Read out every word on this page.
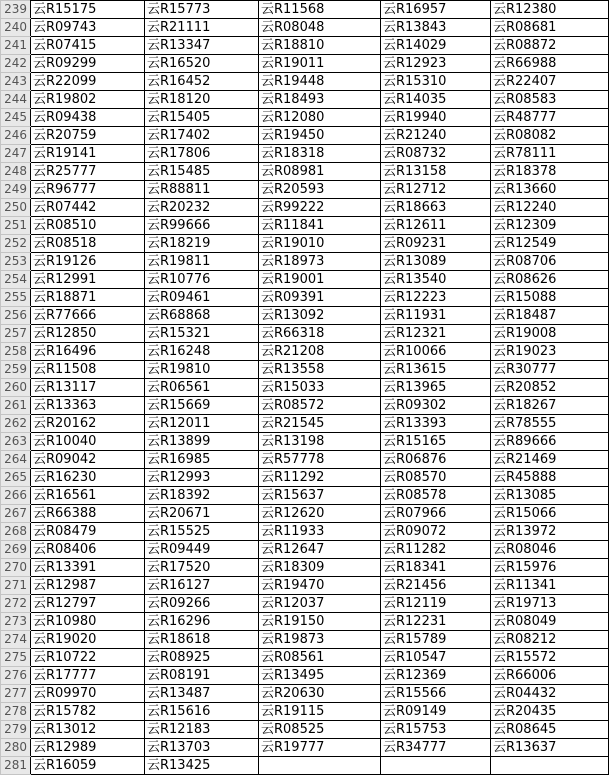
239	云R15175	云R15773	云R11568	云R16957	云R12380
240	云R09743	云R21111	云R08048	云R13843	云R08681
241	云R07415	云R13347	云R18810	云R14029	云R08872
242	云R09299	云R16520	云R19011	云R12923	云R66988
243	云R22099	云R16452	云R19448	云R15310	云R22407
244	云R19802	云R18120	云R18493	云R14035	云R08583
245	云R09438	云R15405	云R12080	云R19940	云R48777
246	云R20759	云R17402	云R19450	云R21240	云R08082
247	云R19141	云R17806	云R18318	云R08732	云R78111
248	云R25777	云R15485	云R08981	云R13158	云R18378
249	云R96777	云R88811	云R20593	云R12712	云R13660
250	云R07442	云R20232	云R99222	云R18663	云R12240
251	云R08510	云R99666	云R11841	云R12611	云R12309
252	云R08518	云R18219	云R19010	云R09231	云R12549
253	云R19126	云R19811	云R18973	云R13089	云R08706
254	云R12991	云R10776	云R19001	云R13540	云R08626
255	云R18871	云R09461	云R09391	云R12223	云R15088
256	云R77666	云R68868	云R13092	云R11931	云R18487
257	云R12850	云R15321	云R66318	云R12321	云R19008
258	云R16496	云R16248	云R21208	云R10066	云R19023
259	云R11508	云R19810	云R13558	云R13615	云R30777
260	云R13117	云R06561	云R15033	云R13965	云R20852
261	云R13363	云R15669	云R08572	云R09302	云R18267
262	云R20162	云R12011	云R21545	云R13393	云R78555
263	云R10040	云R13899	云R13198	云R15165	云R89666
264	云R09042	云R16985	云R57778	云R06876	云R21469
265	云R16230	云R12993	云R11292	云R08570	云R45888
266	云R16561	云R18392	云R15637	云R08578	云R13085
267	云R66388	云R20671	云R12620	云R07966	云R15066
268	云R08479	云R15525	云R11933	云R09072	云R13972
269	云R08406	云R09449	云R12647	云R11282	云R08046
270	云R13391	云R17520	云R18309	云R18341	云R15976
271	云R12987	云R16127	云R19470	云R21456	云R11341
272	云R12797	云R09266	云R12037	云R12119	云R19713
273	云R10980	云R16296	云R19150	云R12231	云R08049
274	云R19020	云R18618	云R19873	云R15789	云R08212
275	云R10722	云R08925	云R08561	云R10547	云R15572
276	云R17777	云R08191	云R13495	云R12369	云R66006
277	云R09970	云R13487	云R20630	云R15566	云R04432
278	云R15782	云R15616	云R19115	云R09149	云R20435
279	云R13012	云R12183	云R08525	云R15753	云R08645
280	云R12989	云R13703	云R19777	云R34777	云R13637
281	云R16059	云R13425			
